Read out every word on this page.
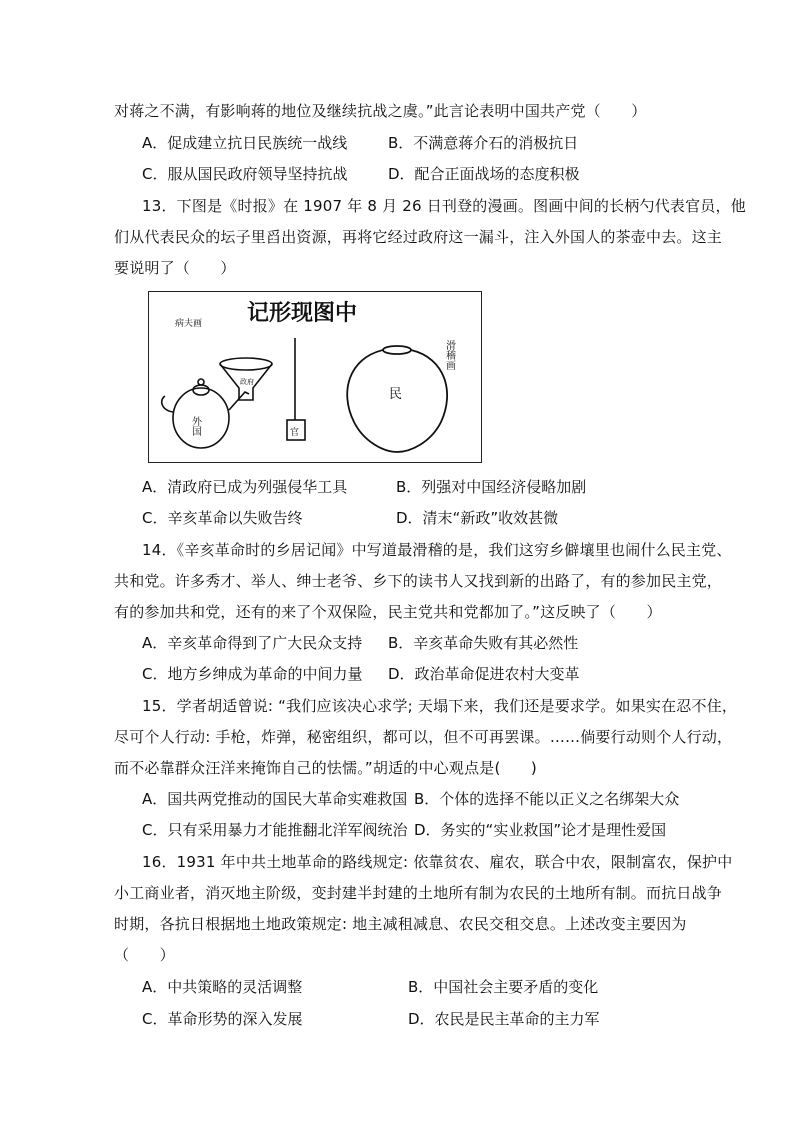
对蒋之不满，有影响蒋的地位及继续抗战之虞。”此言论表明中国共产党（　　）
A．促成建立抗日民族统一战线	B．不满意蒋介石的消极抗日
C．服从国民政府领导坚持抗战	D．配合正面战场的态度积极
13．下图是《时报》在 1907 年 8 月 26 日刊登的漫画。图画中间的长柄勺代表官员，他
们从代表民众的坛子里舀出资源，再将它经过政府这一漏斗，注入外国人的茶壶中去。这主
要说明了（　　）
记形现图中
病夫画
滑稽画
外国
政府
官
民
A．清政府已成为列强侵华工具	B．列强对中国经济侵略加剧
C．辛亥革命以失败告终	D．清末“新政”收效甚微
14．《辛亥革命时的乡居记闻》中写道最滑稽的是，我们这穷乡僻壤里也闹什么民主党、
共和党。许多秀才、举人、绅士老爷、乡下的读书人又找到新的出路了，有的参加民主党，
有的参加共和党，还有的来了个双保险，民主党共和党都加了。”这反映了（　　）
A．辛亥革命得到了广大民众支持 B．辛亥革命失败有其必然性
C．地方乡绅成为革命的中间力量 D．政治革命促进农村大变革
15．学者胡适曾说: “我们应该决心求学; 天塌下来，我们还是要求学。如果实在忍不住，
尽可个人行动: 手枪，炸弹，秘密组织，都可以，但不可再罢课。……倘要行动则个人行动，
而不必靠群众汪洋来掩饰自己的怯懦。”胡适的中心观点是(　　)
A．国共两党推动的国民大革命实难救国 B．个体的选择不能以正义之名绑架大众
C．只有采用暴力才能推翻北洋军阀统治 D．务实的“实业救国”论才是理性爱国
16．1931 年中共土地革命的路线规定: 依靠贫农、雇农，联合中农，限制富农，保护中
小工商业者，消灭地主阶级，变封建半封建的土地所有制为农民的土地所有制。而抗日战争
时期，各抗日根据地土地政策规定: 地主减租减息、农民交租交息。上述改变主要因为
（　　）
A．中共策略的灵活调整	B．中国社会主要矛盾的变化
C．革命形势的深入发展	D．农民是民主革命的主力军
